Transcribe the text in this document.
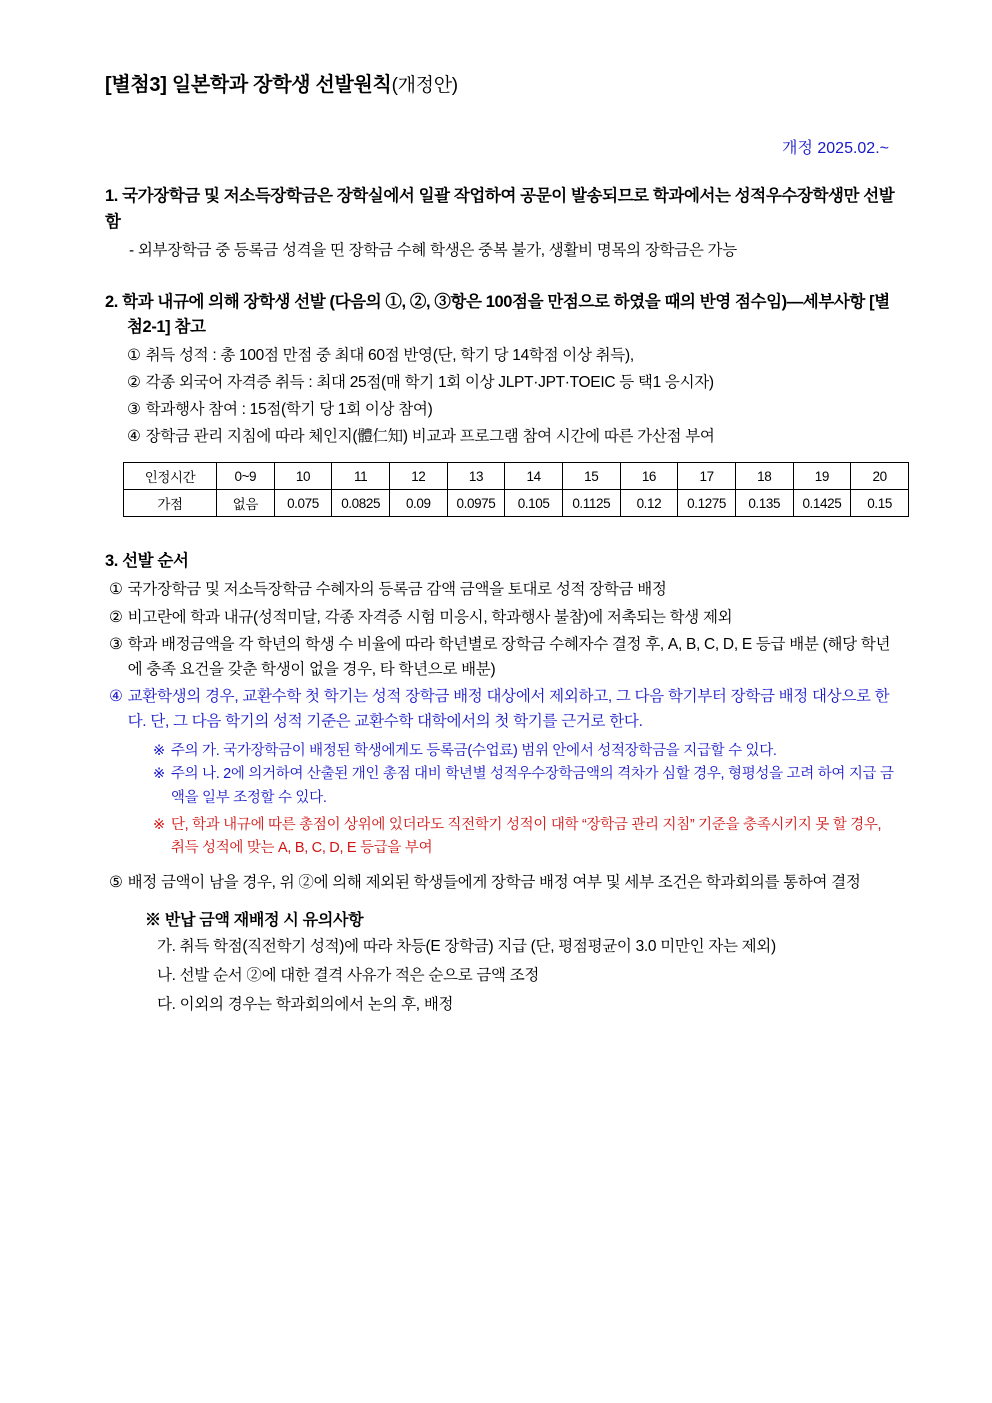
[별첨3] 일본학과 장학생 선발원칙(개정안)
개정 2025.02.~
1. 국가장학금 및 저소득장학금은 장학실에서 일괄 작업하여 공문이 발송되므로 학과에서는 성적우수장학생만 선발함
- 외부장학금 중 등록금 성격을 띤 장학금 수혜 학생은 중복 불가, 생활비 명목의 장학금은 가능
2. 학과 내규에 의해 장학생 선발 (다음의 ①, ②, ③항은 100점을 만점으로 하였을 때의 반영 점수임)—세부사항 [별첨2-1] 참고
① 취득 성적 : 총 100점 만점 중 최대 60점 반영(단, 학기 당 14학점 이상 취득),
② 각종 외국어 자격증 취득 : 최대 25점(매 학기 1회 이상 JLPT·JPT·TOEIC 등 택1 응시자)
③ 학과행사 참여 : 15점(학기 당 1회 이상 참여)
④ 장학금 관리 지침에 따라 체인지(體仁知) 비교과 프로그램 참여 시간에 따른 가산점 부여
인정시간	0~9	10	11	12	13	14	15	16	17	18	19	20
가점	없음	0.075	0.0825	0.09	0.0975	0.105	0.1125	0.12	0.1275	0.135	0.1425	0.15
3. 선발 순서
① 국가장학금 및 저소득장학금 수혜자의 등록금 감액 금액을 토대로 성적 장학금 배정
② 비고란에 학과 내규(성적미달, 각종 자격증 시험 미응시, 학과행사 불참)에 저촉되는 학생 제외
③ 학과 배정금액을 각 학년의 학생 수 비율에 따라 학년별로 장학금 수혜자수 결정 후, A, B, C, D, E 등급 배분 (해당 학년에 충족 요건을 갖춘 학생이 없을 경우, 타 학년으로 배분)
④ 교환학생의 경우, 교환수학 첫 학기는 성적 장학금 배정 대상에서 제외하고, 그 다음 학기부터 장학금 배정 대상으로 한다. 단, 그 다음 학기의 성적 기준은 교환수학 대학에서의 첫 학기를 근거로 한다.
※ 주의 가. 국가장학금이 배정된 학생에게도 등록금(수업료) 범위 안에서 성적장학금을 지급할 수 있다.
※ 주의 나. 2에 의거하여 산출된 개인 총점 대비 학년별 성적우수장학금액의 격차가 심할 경우, 형평성을 고려 하여 지급 금액을 일부 조정할 수 있다.
※ 단, 학과 내규에 따른 총점이 상위에 있더라도 직전학기 성적이 대학 “장학금 관리 지침” 기준을 충족시키지 못 할 경우, 취득 성적에 맞는 A, B, C, D, E 등급을 부여
⑤ 배정 금액이 남을 경우, 위 ②에 의해 제외된 학생들에게 장학금 배정 여부 및 세부 조건은 학과회의를 통하여 결정
※ 반납 금액 재배정 시 유의사항
가. 취득 학점(직전학기 성적)에 따라 차등(E 장학금) 지급 (단, 평점평균이 3.0 미만인 자는 제외)
나. 선발 순서 ②에 대한 결격 사유가 적은 순으로 금액 조정
다. 이외의 경우는 학과회의에서 논의 후, 배정
